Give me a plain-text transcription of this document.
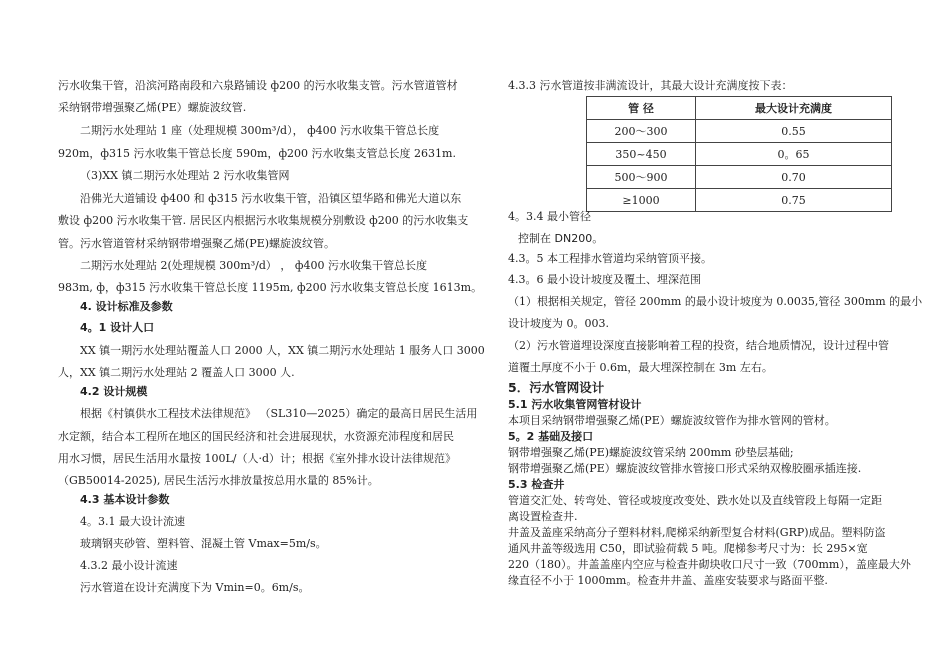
污水收集干管，沿滨河路南段和六泉路铺设 ф200 的污水收集支管。污水管道管材
采纳钢带增强聚乙烯(PE）螺旋波纹管.
二期污水处理站 1 座（处理规模 300m³/d）， ф400 污水收集干管总长度
920m，ф315 污水收集干管总长度 590m，ф200 污水收集支管总长度 2631m.
（3)XX 镇二期污水处理站 2 污水收集管网
沿佛光大道铺设 ф400 和 ф315 污水收集干管，沿镇区望华路和佛光大道以东
敷设 ф200 污水收集干管. 居民区内根据污水收集规模分别敷设 ф200 的污水收集支
管。污水管道管材采纳钢带增强聚乙烯(PE)螺旋波纹管。
二期污水处理站 2(处理规模 300m³/d） ， ф400 污水收集干管总长度
983m, ф，ф315 污水收集干管总长度 1195m, ф200 污水收集支管总长度 1613m。
4. 设计标准及参数
4。1 设计人口
XX 镇一期污水处理站覆盖人口 2000 人，XX 镇二期污水处理站 1 服务人口 3000
人，XX 镇二期污水处理站 2 覆盖人口 3000 人.
4.2 设计规模
根据《村镇供水工程技术法律规范》 （SL310—2025）确定的最高日居民生活用
水定额，结合本工程所在地区的国民经济和社会进展现状，水资源充沛程度和居民
用水习惯，居民生活用水量按 100L/（人·d）计；根据《室外排水设计法律规范》
（GB50014-2025), 居民生活污水排放量按总用水量的 85%计。
4.3 基本设计参数
4。3.1 最大设计流速
玻璃钢夹砂管、塑料管、混凝土管 Vmax=5m/s。
4.3.2 最小设计流速
污水管道在设计充满度下为 Vmin=0。6m/s。
4.3.3 污水管道按非满流设计，其最大设计充满度按下表：
管 径	最大设计充满度
200～300	0.55
350~450	0。65
500～900	0.70
≥1000	0.75
4。3.4 最小管径
控制在 DN200。
4.3。5 本工程排水管道均采纳管顶平接。
4.3。6 最小设计坡度及覆土、埋深范围
（1）根据相关规定，管径 200mm 的最小设计坡度为 0.0035,管径 300mm 的最小
设计坡度为 0。003.
（2）污水管道埋设深度直接影响着工程的投资，结合地质情况，设计过程中管
道覆土厚度不小于 0.6m，最大埋深控制在 3m 左右。
5．污水管网设计
5.1 污水收集管网管材设计
本项目采纳钢带增强聚乙烯(PE）螺旋波纹管作为排水管网的管材。
5。2 基础及接口
钢带增强聚乙烯(PE)螺旋波纹管采纳 200mm 砂垫层基础;
钢带增强聚乙烯(PE）螺旋波纹管排水管接口形式采纳双橡胶圈承插连接.
5.3 检查井
管道交汇处、转弯处、管径或坡度改变处、跌水处以及直线管段上每隔一定距
离设置检查井.
井盖及盖座采纳高分子塑料材料,爬梯采纳新型复合材料(GRP)成品。塑料防盗
通风井盖等级选用 C50，即试验荷载 5 吨。爬梯参考尺寸为：长 295×宽
220（180）。井盖盖座内空应与检查井砌块收口尺寸一致（700mm），盖座最大外
缘直径不小于 1000mm。检查井井盖、盖座安装要求与路面平整.
